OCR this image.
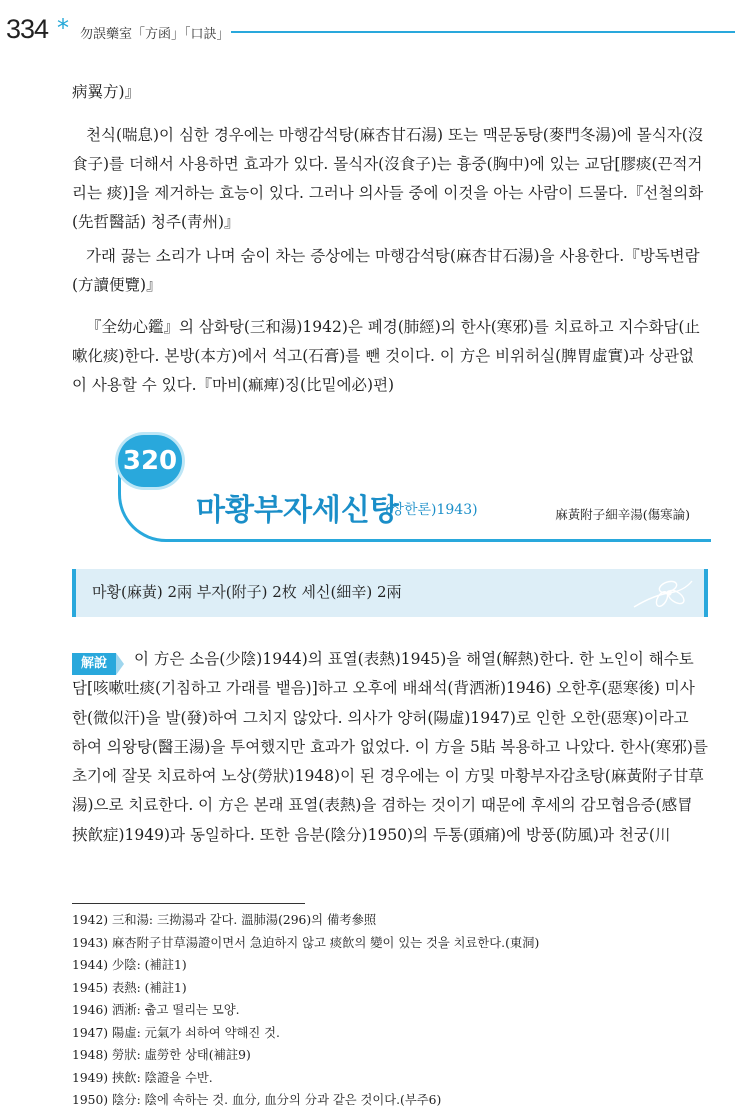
334 * 勿誤藥室「方函」「口訣」

病翼方)』

천식(喘息)이 심한 경우에는 마행감석탕(麻杏甘石湯) 또는 맥문동탕(麥門冬湯)에 몰식자(沒食子)를 더해서 사용하면 효과가 있다. 몰식자(沒食子)는 흉중(胸中)에 있는 교담[膠痰(끈적거리는 痰)]을 제거하는 효능이 있다. 그러나 의사들 중에 이것을 아는 사람이 드물다.『선철의화(先哲醫話) 청주(靑州)』

가래 끓는 소리가 나며 숨이 차는 증상에는 마행감석탕(麻杏甘石湯)을 사용한다.『방독변람(方讀便覽)』

『全幼心鑑』의 삼화탕(三和湯)1942)은 폐경(肺經)의 한사(寒邪)를 치료하고 지수화담(止嗽化痰)한다. 본방(本方)에서 석고(石膏)를 뺀 것이다. 이 方은 비위허실(脾胃虛實)과 상관없이 사용할 수 있다.『마비(痲痺)징(比밑에必)편)

320
마황부자세신탕
(상한론)1943)	麻黃附子細辛湯(傷寒論)
마황(麻黃) 2兩 부자(附子) 2枚 세신(細辛) 2兩
解說	이 方은 소음(少陰)1944)의 표열(表熱)1945)을 해열(解熱)한다. 한 노인이 해수토담[咳嗽吐痰(기침하고 가래를 뱉음)]하고 오후에 배쇄석(背洒淅)1946) 오한후(惡寒後) 미사한(微似汗)을 발(發)하여 그치지 않았다. 의사가 양허(陽虛)1947)로 인한 오한(惡寒)이라고 하여 의왕탕(醫王湯)을 투여했지만 효과가 없었다. 이 方을 5貼 복용하고 나았다. 한사(寒邪)를 초기에 잘못 치료하여 노상(勞狀)1948)이 된 경우에는 이 方및 마황부자감초탕(麻黃附子甘草湯)으로 치료한다. 이 方은 본래 표열(表熱)을 겸하는 것이기 때문에 후세의 감모협음증(感冒挾飮症)1949)과 동일하다. 또한 음분(陰分)1950)의 두통(頭痛)에 방풍(防風)과 천궁(川

1942) 三和湯: 三拗湯과 같다. 溫肺湯(296)의 備考參照
1943) 麻杏附子甘草湯證이면서 急迫하지 않고 痰飮의 變이 있는 것을 치료한다.(東洞)
1944) 少陰: (補註1)
1945) 表熱: (補註1)
1946) 洒淅: 춥고 떨리는 모양.
1947) 陽虛: 元氣가 쇠하여 약해진 것.
1948) 勞狀: 虛勞한 상태(補註9)
1949) 挾飮: 陰證을 수반.
1950) 陰分: 陰에 속하는 것. 血分, 血分의 分과 같은 것이다.(부주6)
